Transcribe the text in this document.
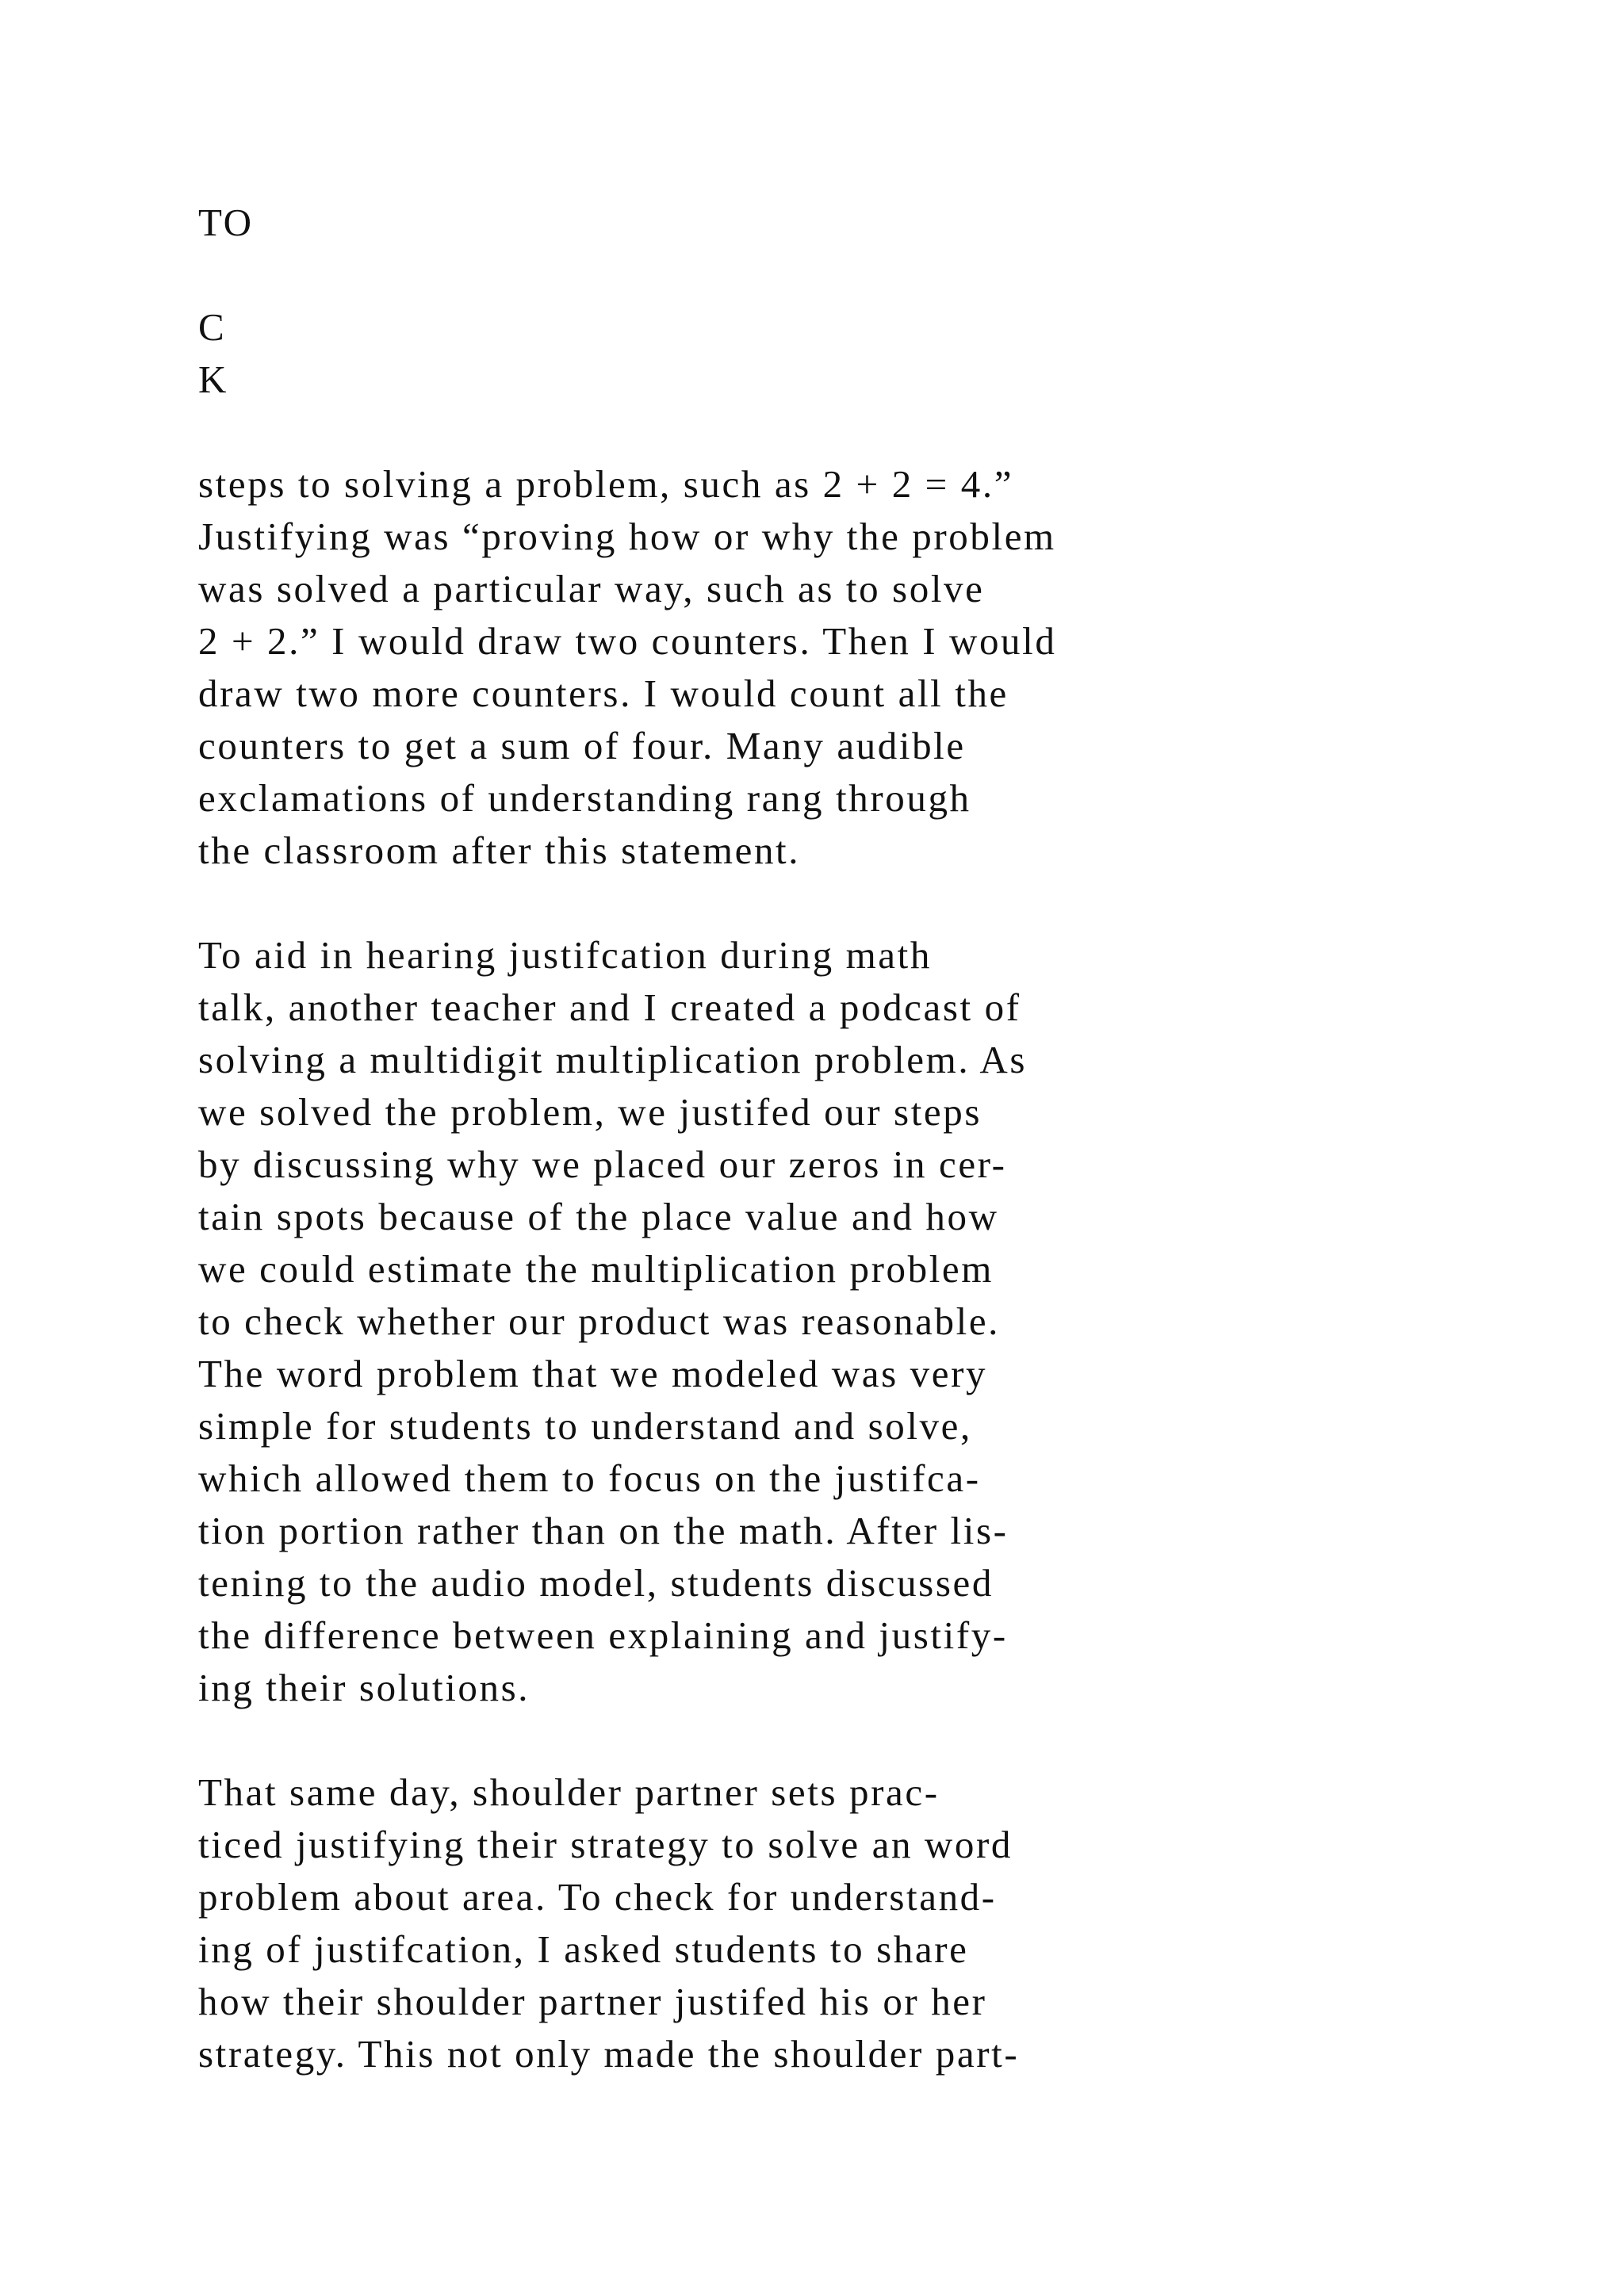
TO
C
K
steps to solving a problem, such as 2 + 2 = 4.”
Justifying was “proving how or why the problem
was solved a particular way, such as to solve
2 + 2.” I would draw two counters. Then I would
draw two more counters. I would count all the
counters to get a sum of four. Many audible
exclamations of understanding rang through
the classroom after this statement.
To aid in hearing justifcation during math
talk, another teacher and I created a podcast of
solving a multidigit multiplication problem. As
we solved the problem, we justifed our steps
by discussing why we placed our zeros in cer-
tain spots because of the place value and how
we could estimate the multiplication problem
to check whether our product was reasonable.
The word problem that we modeled was very
simple for students to understand and solve,
which allowed them to focus on the justifca-
tion portion rather than on the math. After lis-
tening to the audio model, students discussed
the difference between explaining and justify-
ing their solutions.
That same day, shoulder partner sets prac-
ticed justifying their strategy to solve an word
problem about area. To check for understand-
ing of justifcation, I asked students to share
how their shoulder partner justifed his or her
strategy. This not only made the shoulder part-
